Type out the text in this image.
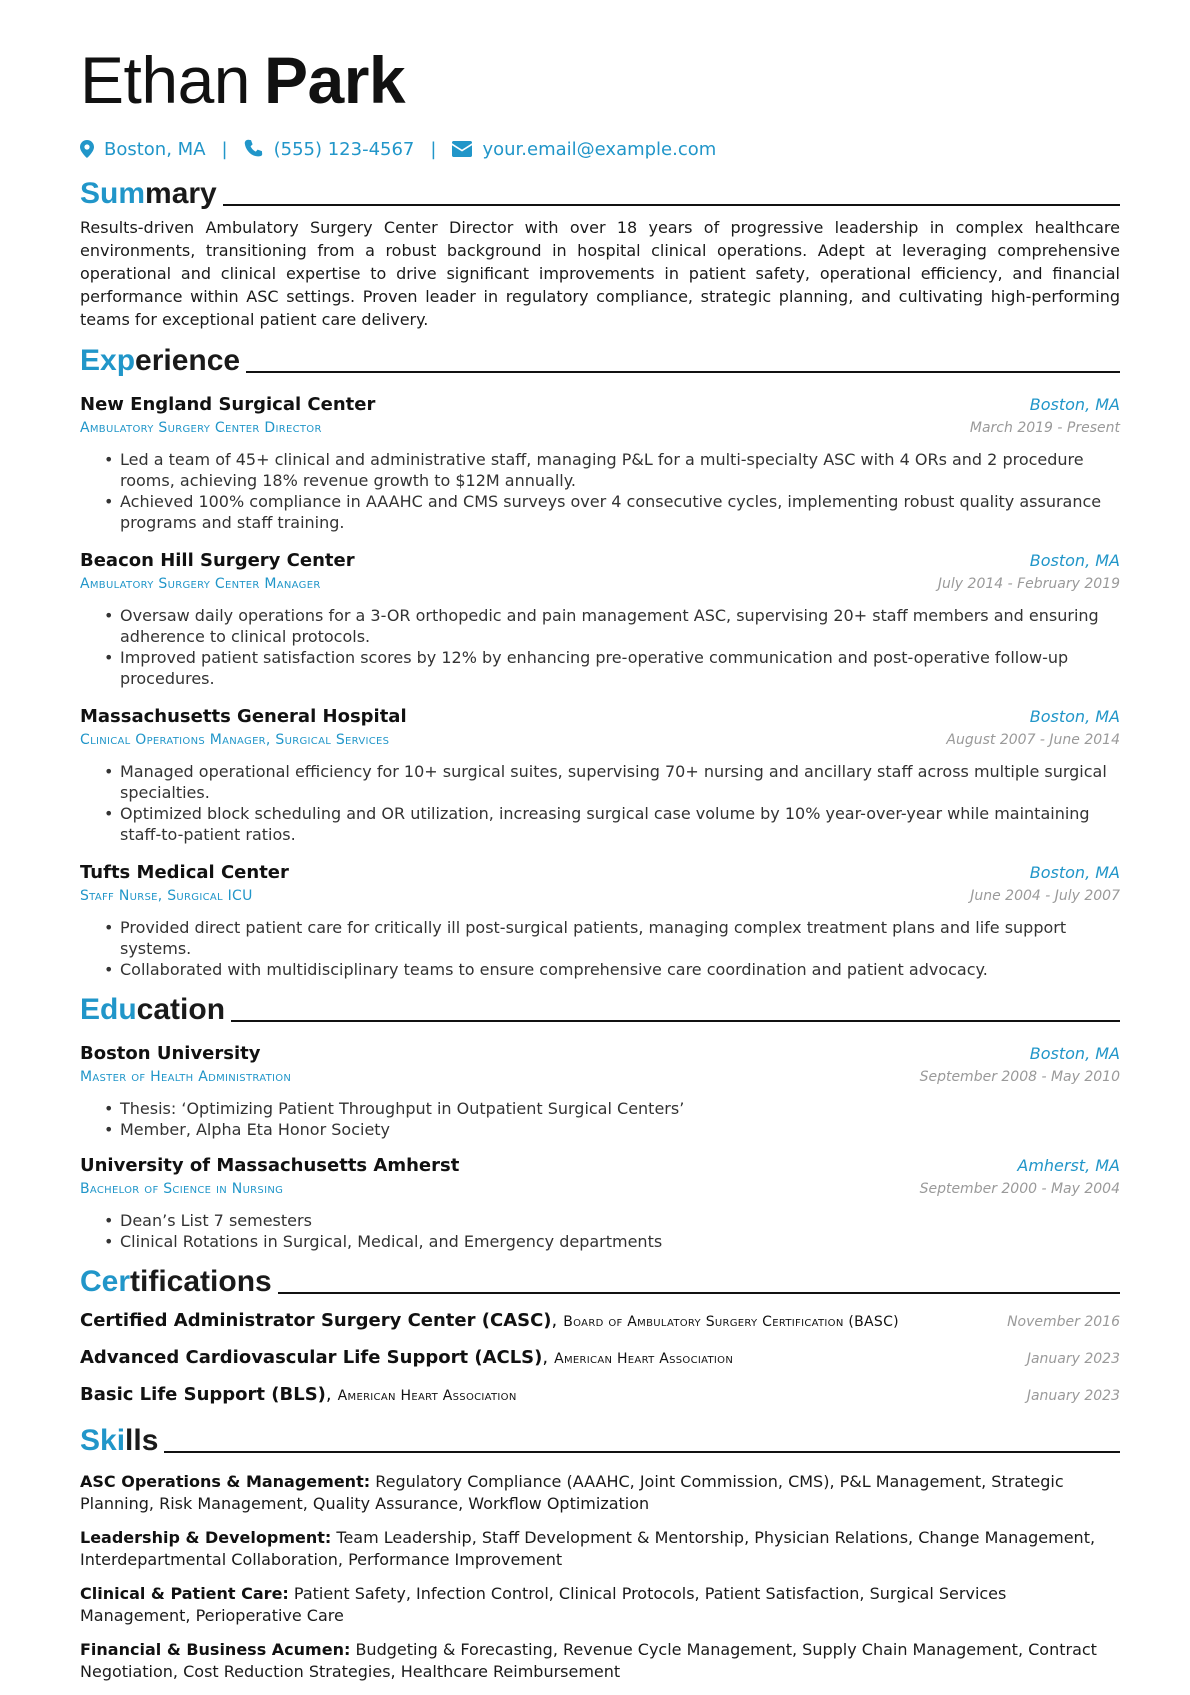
Ethan Park
Boston, MA |	(555) 123-4567 |	your.email@example.com
Summary
Results-driven Ambulatory Surgery Center Director with over 18 years of progressive leadership in complex healthcare environments, transitioning from a robust background in hospital clinical operations. Adept at leveraging comprehensive operational and clinical expertise to drive significant improvements in patient safety, operational efficiency, and financial performance within ASC settings. Proven leader in regulatory compliance, strategic planning, and cultivating high-performing teams for exceptional patient care delivery.
Experience
New England Surgical Center	Boston, MA
Ambulatory Surgery Center Director	March 2019 - Present
• Led a team of 45+ clinical and administrative staff, managing P&L for a multi-specialty ASC with 4 ORs and 2 procedure rooms, achieving 18% revenue growth to $12M annually.
• Achieved 100% compliance in AAAHC and CMS surveys over 4 consecutive cycles, implementing robust quality assurance programs and staff training.
Beacon Hill Surgery Center	Boston, MA
Ambulatory Surgery Center Manager	July 2014 - February 2019
• Oversaw daily operations for a 3-OR orthopedic and pain management ASC, supervising 20+ staff members and ensuring adherence to clinical protocols.
• Improved patient satisfaction scores by 12% by enhancing pre-operative communication and post-operative follow-up procedures.
Massachusetts General Hospital	Boston, MA
Clinical Operations Manager, Surgical Services	August 2007 - June 2014
• Managed operational efficiency for 10+ surgical suites, supervising 70+ nursing and ancillary staff across multiple surgical specialties.
• Optimized block scheduling and OR utilization, increasing surgical case volume by 10% year-over-year while maintaining staff-to-patient ratios.
Tufts Medical Center	Boston, MA
Staff Nurse, Surgical ICU	June 2004 - July 2007
• Provided direct patient care for critically ill post-surgical patients, managing complex treatment plans and life support systems.
• Collaborated with multidisciplinary teams to ensure comprehensive care coordination and patient advocacy.
Education
Boston University	Boston, MA
Master of Health Administration	September 2008 - May 2010
• Thesis: ‘Optimizing Patient Throughput in Outpatient Surgical Centers’
• Member, Alpha Eta Honor Society
University of Massachusetts Amherst	Amherst, MA
Bachelor of Science in Nursing	September 2000 - May 2004
• Dean’s List 7 semesters
• Clinical Rotations in Surgical, Medical, and Emergency departments
Certifications
Certified Administrator Surgery Center (CASC) , Board of Ambulatory Surgery Certification (BASC)	November 2016
Advanced Cardiovascular Life Support (ACLS) , American Heart Association	January 2023
Basic Life Support (BLS) , American Heart Association	January 2023
Skills
ASC Operations & Management: Regulatory Compliance (AAAHC, Joint Commission, CMS), P&L Management, Strategic Planning, Risk Management, Quality Assurance, Workflow Optimization
Leadership & Development: Team Leadership, Staff Development & Mentorship, Physician Relations, Change Management, Interdepartmental Collaboration, Performance Improvement
Clinical & Patient Care: Patient Safety, Infection Control, Clinical Protocols, Patient Satisfaction, Surgical Services Management, Perioperative Care
Financial & Business Acumen: Budgeting & Forecasting, Revenue Cycle Management, Supply Chain Management, Contract Negotiation, Cost Reduction Strategies, Healthcare Reimbursement
